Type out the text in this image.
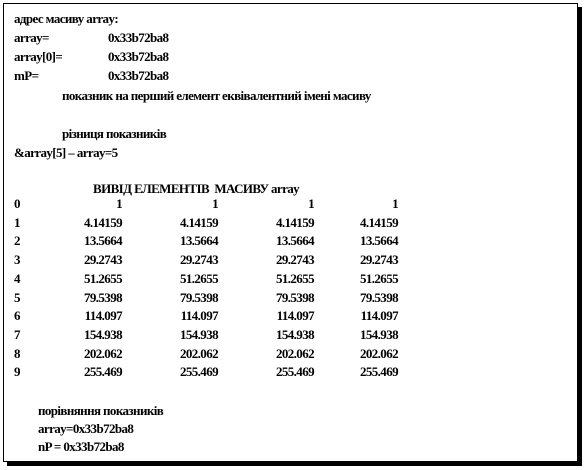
адрес масиву array:
array=	0x33b72ba8
array[0]=	0x33b72ba8
mP=	0x33b72ba8
показник на перший елемент еквівалентний імені масиву
різниця показників
&array[5] – array=5
ВИВІД ЕЛЕМЕНТІВ  МАСИВУ array
0	1	1	1	1
1	4.14159	4.14159	4.14159	4.14159
2	13.5664	13.5664	13.5664	13.5664
3	29.2743	29.2743	29.2743	29.2743
4	51.2655	51.2655	51.2655	51.2655
5	79.5398	79.5398	79.5398	79.5398
6	114.097	114.097	114.097	114.097
7	154.938	154.938	154.938	154.938
8	202.062	202.062	202.062	202.062
9	255.469	255.469	255.469	255.469
порівняння показників
array=0x33b72ba8
nP = 0x33b72ba8
